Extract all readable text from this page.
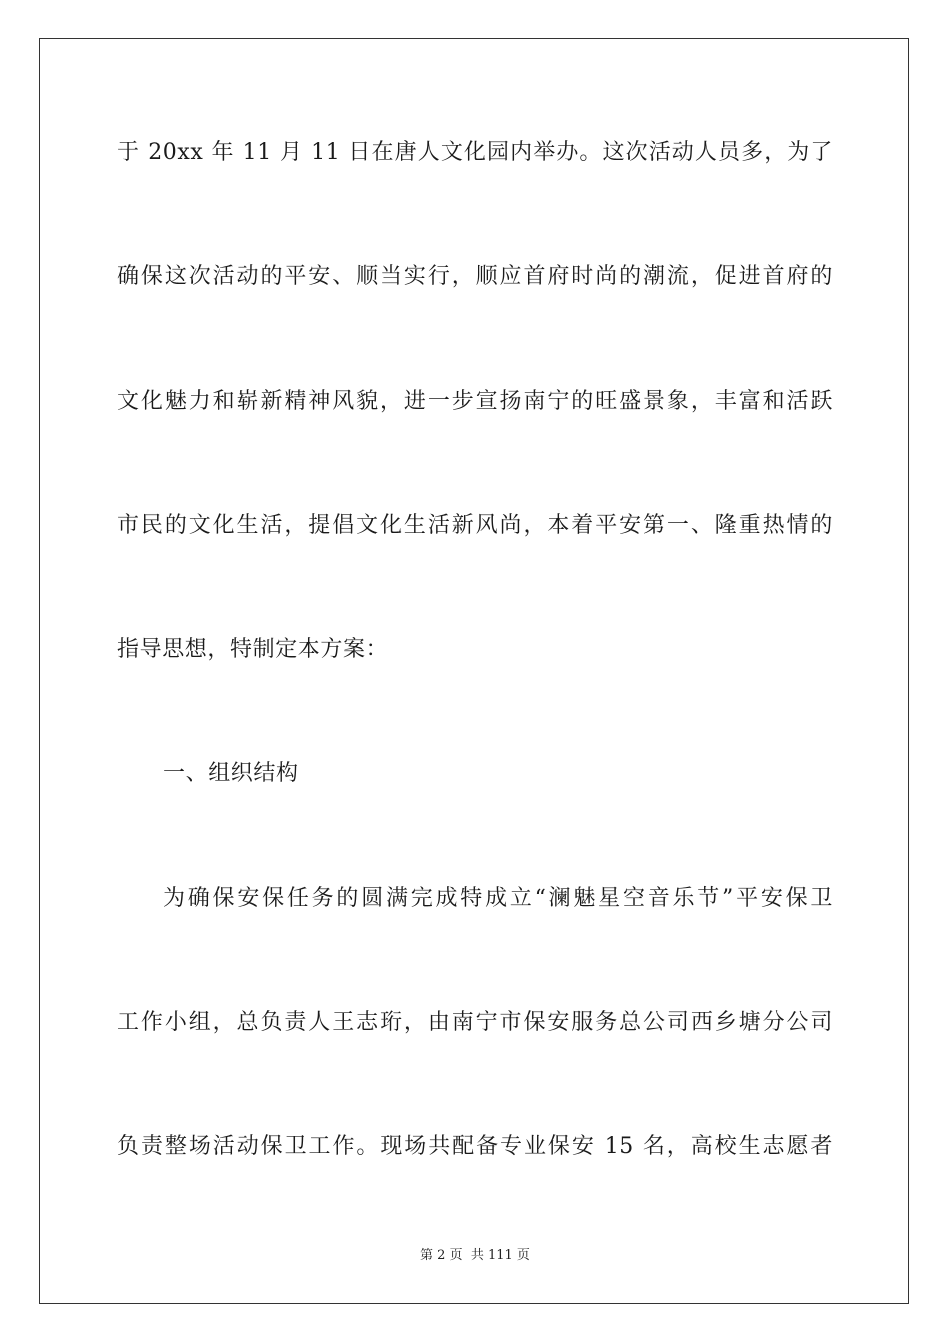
于 20xx 年 11 月 11 日在唐人文化园内举办。这次活动人员多，为了
确保这次活动的平安、顺当实行，顺应首府时尚的潮流，促进首府的
文化魅力和崭新精神风貌，进一步宣扬南宁的旺盛景象，丰富和活跃
市民的文化生活，提倡文化生活新风尚，本着平安第一、隆重热情的
指导思想，特制定本方案：
一、组织结构
为确保安保任务的圆满完成特成立“澜魅星空音乐节”平安保卫
工作小组，总负责人王志珩，由南宁市保安服务总公司西乡塘分公司
负责整场活动保卫工作。现场共配备专业保安 15 名，高校生志愿者
第 2 页  共 111 页
